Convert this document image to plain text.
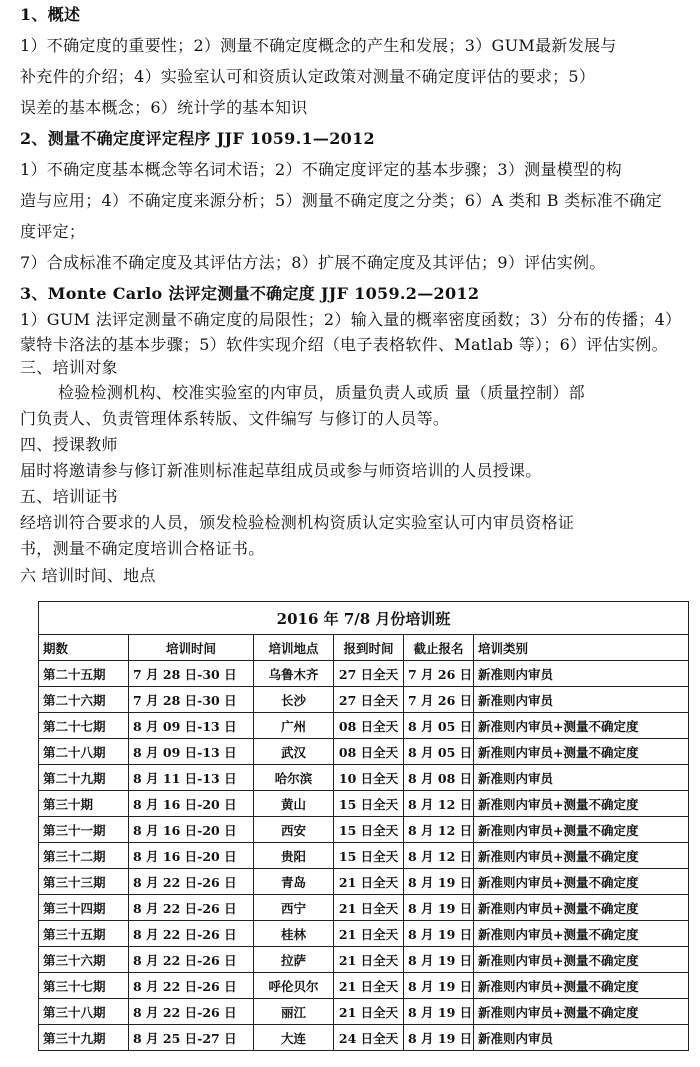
1、概述
1）不确定度的重要性；2）测量不确定度概念的产生和发展；3）GUM最新发展与
补充件的介绍；4）实验室认可和资质认定政策对测量不确定度评估的要求；5）
误差的基本概念；6）统计学的基本知识
2、测量不确定度评定程序 JJF 1059.1—2012
1）不确定度基本概念等名词术语；2）不确定度评定的基本步骤；3）测量模型的构
造与应用；4）不确定度来源分析；5）测量不确定度之分类；6）A 类和 B 类标准不确定
度评定；
7）合成标准不确定度及其评估方法；8）扩展不确定度及其评估；9）评估实例。
3、Monte Carlo 法评定测量不确定度 JJF 1059.2—2012
1）GUM 法评定测量不确定度的局限性；2）输入量的概率密度函数；3）分布的传播；4）
蒙特卡洛法的基本步骤；5）软件实现介绍（电子表格软件、Matlab 等）；6）评估实例。
三、培训对象
检验检测机构、校准实验室的内审员，质量负责人或质 量（质量控制）部
门负责人、负责管理体系转版、文件编写 与修订的人员等。
四、授课教师
届时将邀请参与修订新准则标准起草组成员或参与师资培训的人员授课。
五、培训证书
经培训符合要求的人员，颁发检验检测机构资质认定实验室认可内审员资格证
书，测量不确定度培训合格证书。
六 培训时间、地点
2016 年 7/8 月份培训班					
期数	培训时间	培训地点	报到时间	截止报名	培训类别
第二十五期	7 月 28 日-30 日	乌鲁木齐	27 日全天	7 月 26 日	新准则内审员
第二十六期	7 月 28 日-30 日	长沙	27 日全天	7 月 26 日	新准则内审员
第二十七期	8 月 09 日-13 日	广州	08 日全天	8 月 05 日	新准则内审员+测量不确定度
第二十八期	8 月 09 日-13 日	武汉	08 日全天	8 月 05 日	新准则内审员+测量不确定度
第二十九期	8 月 11 日-13 日	哈尔滨	10 日全天	8 月 08 日	新准则内审员
第三十期	8 月 16 日-20 日	黄山	15 日全天	8 月 12 日	新准则内审员+测量不确定度
第三十一期	8 月 16 日-20 日	西安	15 日全天	8 月 12 日	新准则内审员+测量不确定度
第三十二期	8 月 16 日-20 日	贵阳	15 日全天	8 月 12 日	新准则内审员+测量不确定度
第三十三期	8 月 22 日-26 日	青岛	21 日全天	8 月 19 日	新准则内审员+测量不确定度
第三十四期	8 月 22 日-26 日	西宁	21 日全天	8 月 19 日	新准则内审员+测量不确定度
第三十五期	8 月 22 日-26 日	桂林	21 日全天	8 月 19 日	新准则内审员+测量不确定度
第三十六期	8 月 22 日-26 日	拉萨	21 日全天	8 月 19 日	新准则内审员+测量不确定度
第三十七期	8 月 22 日-26 日	呼伦贝尔	21 日全天	8 月 19 日	新准则内审员+测量不确定度
第三十八期	8 月 22 日-26 日	丽江	21 日全天	8 月 19 日	新准则内审员+测量不确定度
第三十九期	8 月 25 日-27 日	大连	24 日全天	8 月 19 日	新准则内审员
